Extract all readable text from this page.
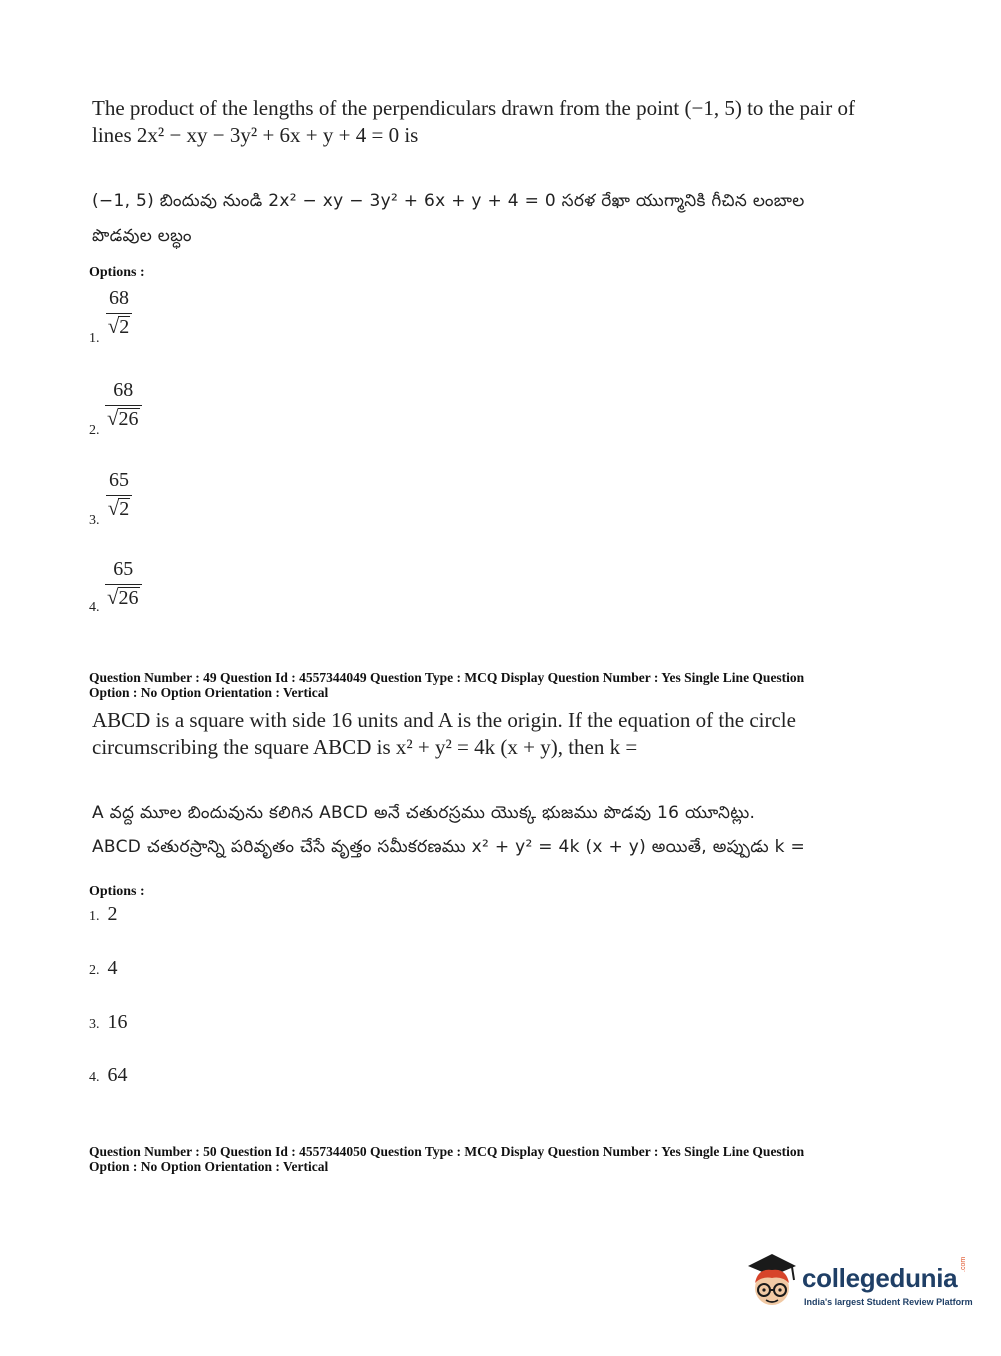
The product of the lengths of the perpendiculars drawn from the point (−1, 5) to the pair of
lines 2x² − xy − 3y² + 6x + y + 4 = 0 is
(−1, 5) బిందువు నుండి 2x² − xy − 3y² + 6x + y + 4 = 0 సరళ రేఖా యుగ్మానికి గీచిన లంబాల
పొడవుల లబ్ధం
Options :
1. $\frac{68}{√ 2}$
2. $\frac{68}{√ 26}$
3. $\frac{65}{√ 2}$
4. $\frac{65}{√ 26}$
Question Number : 49 Question Id : 4557344049 Question Type : MCQ Display Question Number : Yes Single Line Question
Option : No Option Orientation : Vertical
ABCD is a square with side 16 units and A is the origin. If the equation of the circle
circumscribing the square ABCD is x² + y² = 4k (x + y), then k =
A వద్ద మూల బిందువును కలిగిన ABCD అనే చతురస్రము యొక్క భుజము పొడవు 16 యూనిట్లు.
ABCD చతురస్రాన్ని పరివృతం చేసే వృత్తం సమీకరణము x² + y² = 4k (x + y) అయితే, అప్పుడు k =
Options :
1. 2
2. 4
3. 16
4. 64
Question Number : 50 Question Id : 4557344050 Question Type : MCQ Display Question Number : Yes Single Line Question
Option : No Option Orientation : Vertical
collegedunia .com
India's largest Student Review Platform
